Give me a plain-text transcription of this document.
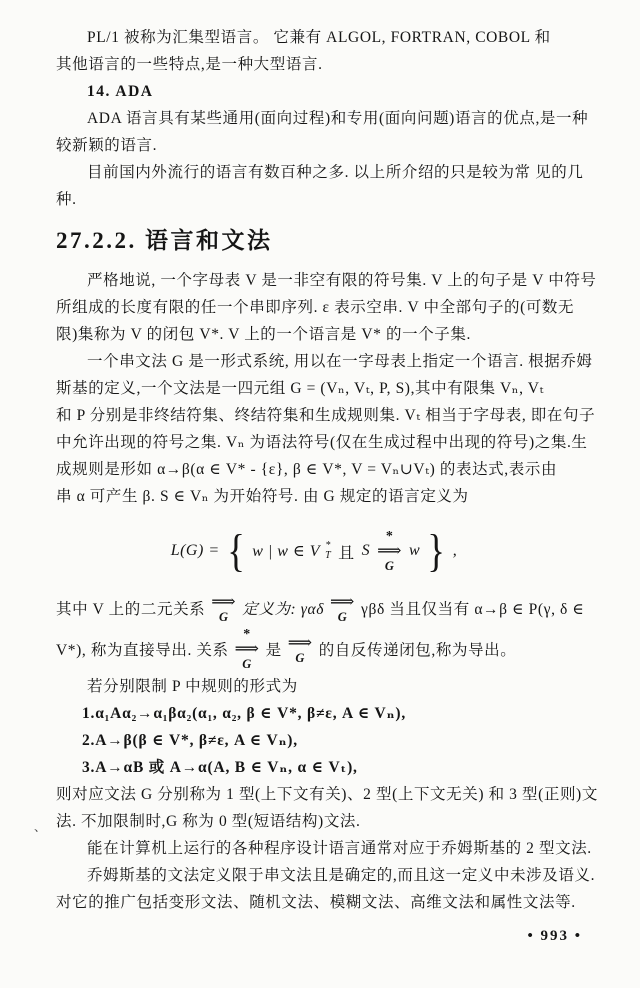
PL/1 被称为汇集型语言。 它兼有 ALGOL, FORTRAN, COBOL 和
其他语言的一些特点,是一种大型语言.
14. ADA
ADA 语言具有某些通用(面向过程)和专用(面向问题)语言的优点,是一种
较新颖的语言.
目前国内外流行的语言有数百种之多. 以上所介绍的只是较为常 见的几
种.
27.2.2. 语言和文法
严格地说, 一个字母表 V 是一非空有限的符号集. V 上的句子是 V 中符号
所组成的长度有限的任一个串即序列. ε 表示空串. V 中全部句子的(可数无
限)集称为 V 的闭包 V*. V 上的一个语言是 V* 的一个子集.
一个串文法 G 是一形式系统, 用以在一字母表上指定一个语言. 根据乔姆
斯基的定义,一个文法是一四元组 G = (Vₙ, Vₜ, P, S),其中有限集 Vₙ, Vₜ
和 P 分别是非终结符集、终结符集和生成规则集. Vₜ 相当于字母表, 即在句子
中允许出现的符号之集. Vₙ 为语法符号(仅在生成过程中出现的符号)之集.生
成规则是形如 α→β(α ∈ V* - {ε}, β ∈ V*, V = Vₙ∪Vₜ) 的表达式,表示由
串 α 可产生 β. S ∈ Vₙ 为开始符号. 由 G 规定的语言定义为
L(G) = { w | w ∈ V *
T 且 S
*
⟹
G
w } ,
其中 V 上的二元关系 ⟹
G 定义为: γαδ ⟹
G γβδ 当且仅当有 α→β ∈ P(γ, δ ∈
V*), 称为直接导出. 关系
*
⟹
G
是 ⟹
G 的自反传递闭包,称为导出。
若分别限制 P 中规则的形式为
1.α₁Aα₂→α₁βα₂(α₁, α₂, β ∈ V*, β≠ε, A ∈ Vₙ),
2.A→β(β ∈ V*, β≠ε, A ∈ Vₙ),
3.A→αB 或 A→α(A, B ∈ Vₙ, α ∈ Vₜ),
则对应文法 G 分别称为 1 型(上下文有关)、2 型(上下文无关) 和 3 型(正则)文
法. 不加限制时,G 称为 0 型(短语结构)文法.
能在计算机上运行的各种程序设计语言通常对应于乔姆斯基的 2 型文法.
乔姆斯基的文法定义限于串文法且是确定的,而且这一定义中未涉及语义.
对它的推广包括变形文法、随机文法、模糊文法、高维文法和属性文法等.
、
• 993 •
